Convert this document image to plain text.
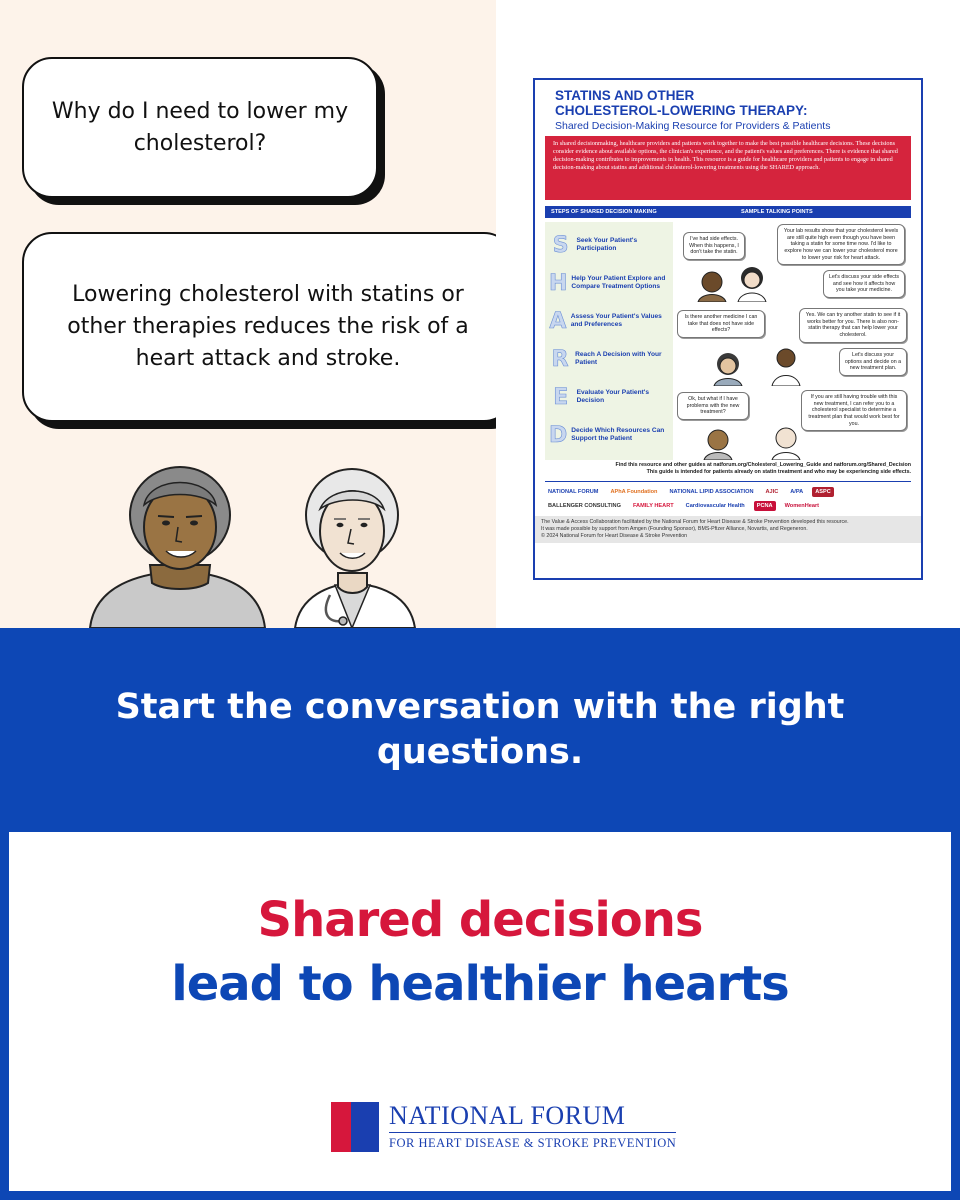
Why do I need to lower my cholesterol?
Lowering cholesterol with statins or other therapies reduces the risk of a heart attack and stroke.
STATINS AND OTHER
CHOLESTEROL-LOWERING THERAPY:
Shared Decision-Making Resource for Providers & Patients
In shared decisionmaking, healthcare providers and patients work together to make the best possible healthcare decisions. These decisions consider evidence about available options, the clinician's experience, and the patient's values and preferences. There is evidence that shared decision-making contributes to improvements in health. This resource is a guide for healthcare providers and patients to engage in shared decision-making about statins and additional cholesterol-lowering treatments using the SHARED approach.
STEPS OF SHARED DECISION MAKING	SAMPLE TALKING POINTS
S	Seek Your Patient's Participation
H Help Your Patient Explore and Compare Treatment Options
A Assess Your Patient's Values and Preferences
R Reach A Decision with Your Patient
E	Evaluate Your Patient's Decision
D Decide Which Resources Can Support the Patient
I've had side effects. When this happens, I don't take the statin.
Your lab results show that your cholesterol levels are still quite high even though you have been taking a statin for some time now. I'd like to explore how we can lower your cholesterol more to lower your risk for heart attack.
Let's discuss your side effects and see how it affects how you take your medicine.
Is there another medicine I can take that does not have side effects?
Yes. We can try another statin to see if it works better for you. There is also non-statin therapy that can help lower your cholesterol.
Let's discuss your options and decide on a new treatment plan.
Ok, but what if I have problems with the new treatment?
If you are still having trouble with this new treatment, I can refer you to a cholesterol specialist to determine a treatment plan that would work best for you.
Find this resource and other guides at natforum.org/Cholesterol_Lowering_Guide and natforum.org/Shared_Decision
This guide is intended for patients already on statin treatment and who may be experiencing side effects.
NATIONAL FORUM	APhA Foundation	NATIONAL LIPID ASSOCIATION	AJIC	A/PA	ASPC
BALLENGER CONSULTING	FAMILY HEART	Cardiovascular Health	PCNA	WomenHeart
The Value & Access Collaboration facilitated by the National Forum for Heart Disease & Stroke Prevention developed this resource.
It was made possible by support from Amgen (Founding Sponsor), BMS-Pfizer Alliance, Novartis, and Regeneron.
© 2024 National Forum for Heart Disease & Stroke Prevention
Start the conversation with the right questions.
Shared decisions
lead to healthier hearts
NATIONAL FORUM
FOR HEART DISEASE & STROKE PREVENTION
